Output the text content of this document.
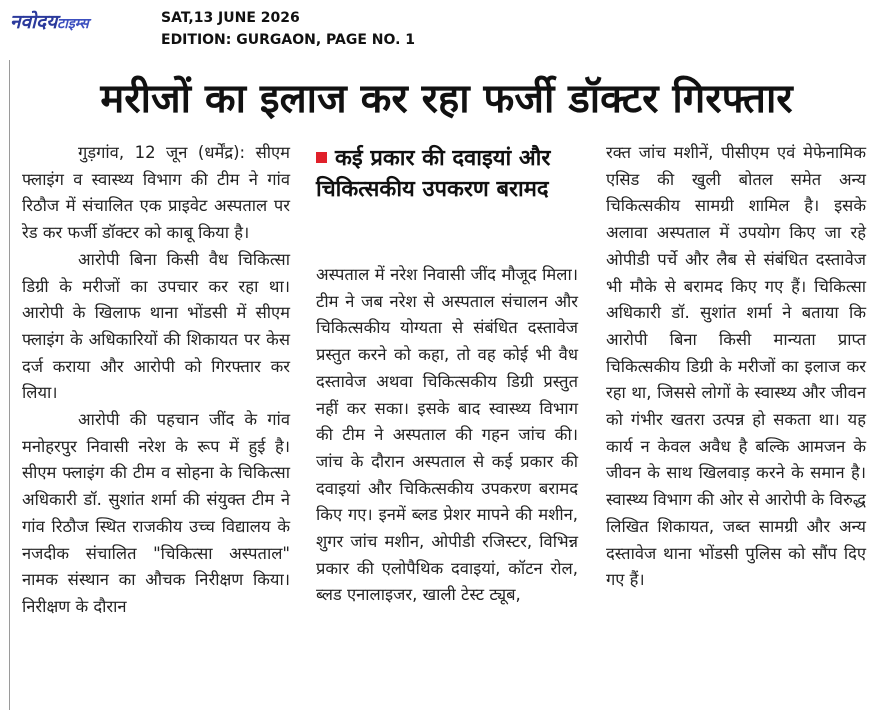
नवोदयटाइम्स	SAT,13 JUNE 2026
EDITION: GURGAON, PAGE NO. 1
मरीजों का इलाज कर रहा फर्जी डॉक्टर गिरफ्तार

गुड़गांव, 12 जून (धर्मेंद्र): सीएम फ्लाइंग व स्वास्थ्य विभाग की टीम ने गांव रिठौज में संचालित एक प्राइवेट अस्पताल पर रेड कर फर्जी डॉक्टर को काबू किया है।

आरोपी बिना किसी वैध चिकित्सा डिग्री के मरीजों का उपचार कर रहा था। आरोपी के खिलाफ थाना भोंडसी में सीएम फ्लाइंग के अधिकारियों की शिकायत पर केस दर्ज कराया और आरोपी को गिरफ्तार कर लिया।

आरोपी की पहचान जींद के गांव मनोहरपुर निवासी नरेश के रूप में हुई है। सीएम फ्लाइंग की टीम व सोहना के चिकित्सा अधिकारी डॉ. सुशांत शर्मा की संयुक्त टीम ने गांव रिठौज स्थित राजकीय उच्च विद्यालय के नजदीक संचालित "चिकित्सा अस्पताल" नामक संस्थान का औचक निरीक्षण किया। निरीक्षण के दौरान

कई प्रकार की दवाइयां और चिकित्सकीय उपकरण बरामद

अस्पताल में नरेश निवासी जींद मौजूद मिला। टीम ने जब नरेश से अस्पताल संचालन और चिकित्सकीय योग्यता से संबंधित दस्तावेज प्रस्तुत करने को कहा, तो वह कोई भी वैध दस्तावेज अथवा चिकित्सकीय डिग्री प्रस्तुत नहीं कर सका। इसके बाद स्वास्थ्य विभाग की टीम ने अस्पताल की गहन जांच की। जांच के दौरान अस्पताल से कई प्रकार की दवाइयां और चिकित्सकीय उपकरण बरामद किए गए। इनमें ब्लड प्रेशर मापने की मशीन, शुगर जांच मशीन, ओपीडी रजिस्टर, विभिन्न प्रकार की एलोपैथिक दवाइयां, कॉटन रोल, ब्लड एनालाइजर, खाली टेस्ट ट्यूब,

रक्त जांच मशीनें, पीसीएम एवं मेफेनामिक एसिड की खुली बोतल समेत अन्य चिकित्सकीय सामग्री शामिल है। इसके अलावा अस्पताल में उपयोग किए जा रहे ओपीडी पर्चे और लैब से संबंधित दस्तावेज भी मौके से बरामद किए गए हैं। चिकित्सा अधिकारी डॉ. सुशांत शर्मा ने बताया कि आरोपी बिना किसी मान्यता प्राप्त चिकित्सकीय डिग्री के मरीजों का इलाज कर रहा था, जिससे लोगों के स्वास्थ्य और जीवन को गंभीर खतरा उत्पन्न हो सकता था। यह कार्य न केवल अवैध है बल्कि आमजन के जीवन के साथ खिलवाड़ करने के समान है। स्वास्थ्य विभाग की ओर से आरोपी के विरुद्ध लिखित शिकायत, जब्त सामग्री और अन्य दस्तावेज थाना भोंडसी पुलिस को सौंप दिए गए हैं।
